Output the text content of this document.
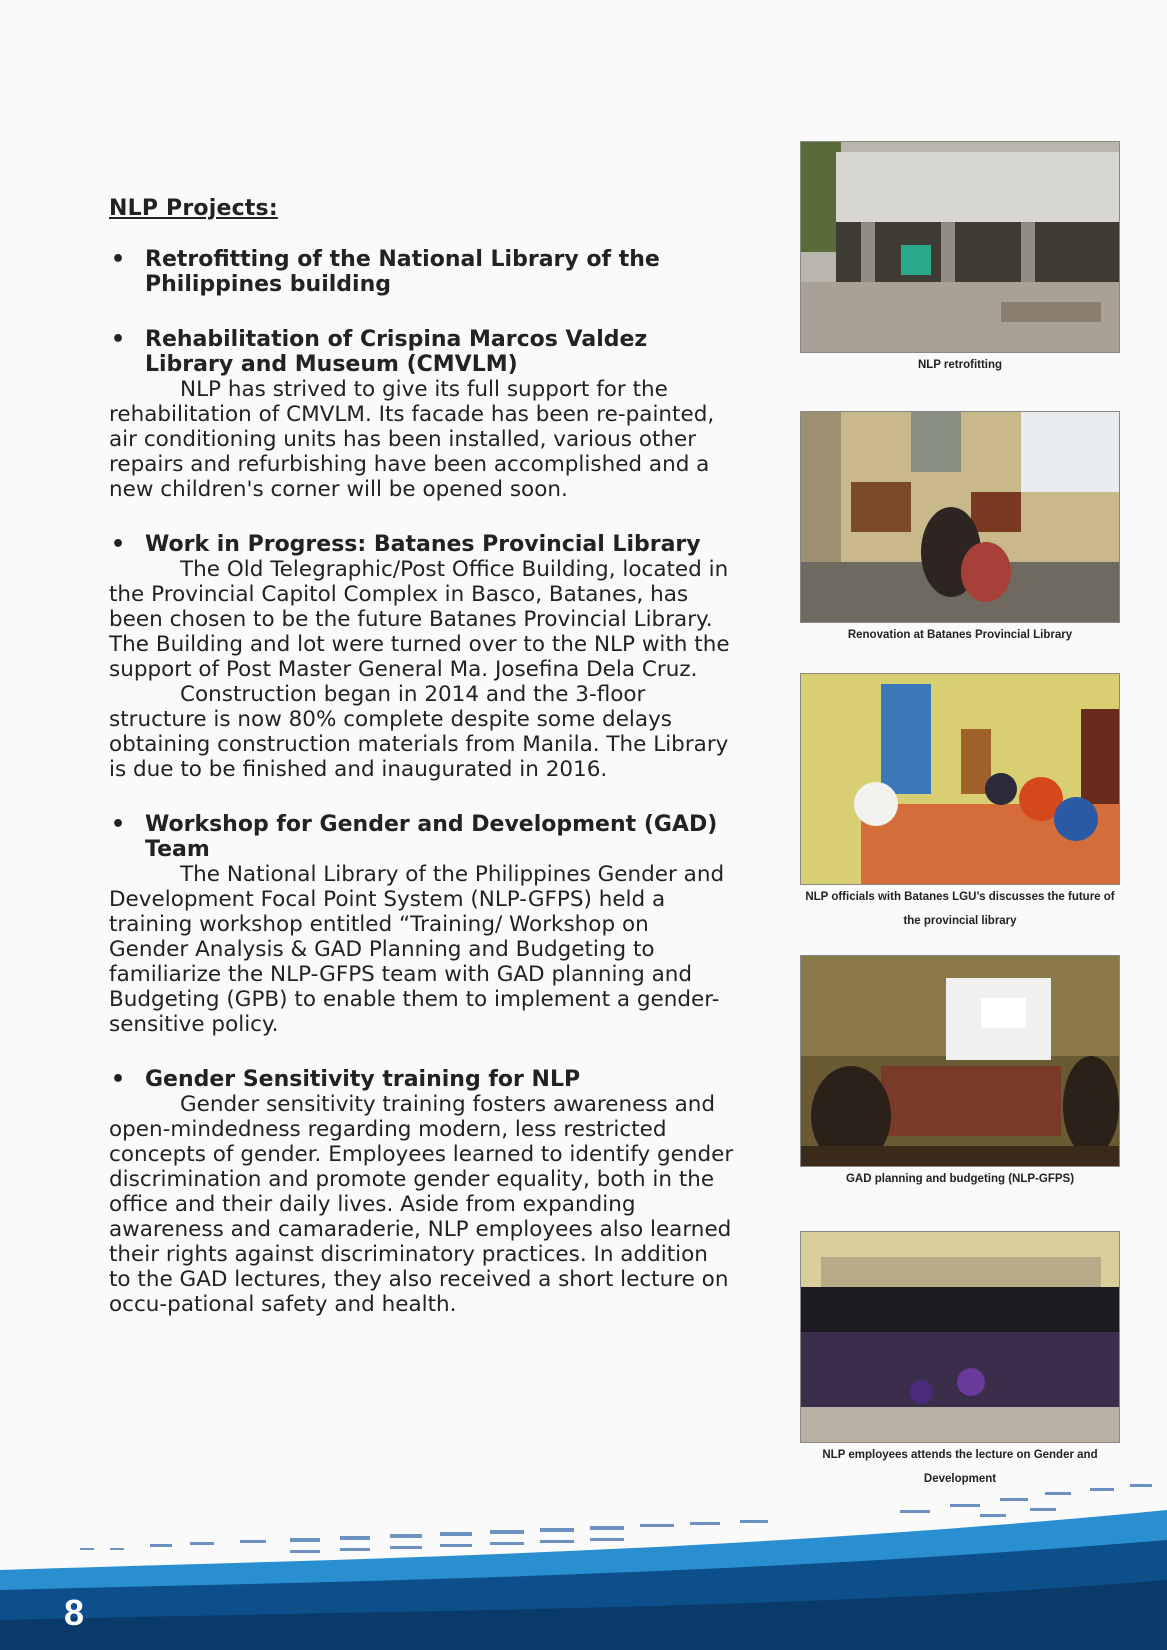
NLP Projects:
• Retrofitting of the National Library of the Philippines building
• Rehabilitation of Crispina Marcos Valdez Library and Museum (CMVLM)

NLP has strived to give its full support for the rehabilitation of CMVLM. Its facade has been re-painted, air conditioning units has been installed, various other repairs and refurbishing have been accomplished and a new children's corner will be opened soon.

• Work in Progress: Batanes Provincial Library

The Old Telegraphic/Post Office Building, located in the Provincial Capitol Complex in Basco, Batanes, has been chosen to be the future Batanes Provincial Library. The Building and lot were turned over to the NLP with the support of Post Master General Ma. Josefina Dela Cruz.

Construction began in 2014 and the 3-floor structure is now 80% complete despite some delays obtaining construction materials from Manila. The Library is due to be finished and inaugurated in 2016.

• Workshop for Gender and Development (GAD) Team

The National Library of the Philippines Gender and Development Focal Point System (NLP-GFPS) held a training workshop entitled “Training/ Workshop on Gender Analysis & GAD Planning and Budgeting to familiarize the NLP-GFPS team with GAD planning and Budgeting (GPB) to enable them to implement a gender-sensitive policy.

• Gender Sensitivity training for NLP

Gender sensitivity training fosters awareness and open-mindedness regarding modern, less restricted concepts of gender. Employees learned to identify gender discrimination and promote gender equality, both in the office and their daily lives. Aside from expanding awareness and camaraderie, NLP employees also learned their rights against discriminatory practices. In addition to the GAD lectures, they also received a short lecture on occu-pational safety and health.

NLP retrofitting
Renovation at Batanes Provincial Library
NLP officials with Batanes LGU’s discusses the future of the provincial library
GAD planning and budgeting (NLP-GFPS)
NLP employees attends the lecture on Gender and Development
8
